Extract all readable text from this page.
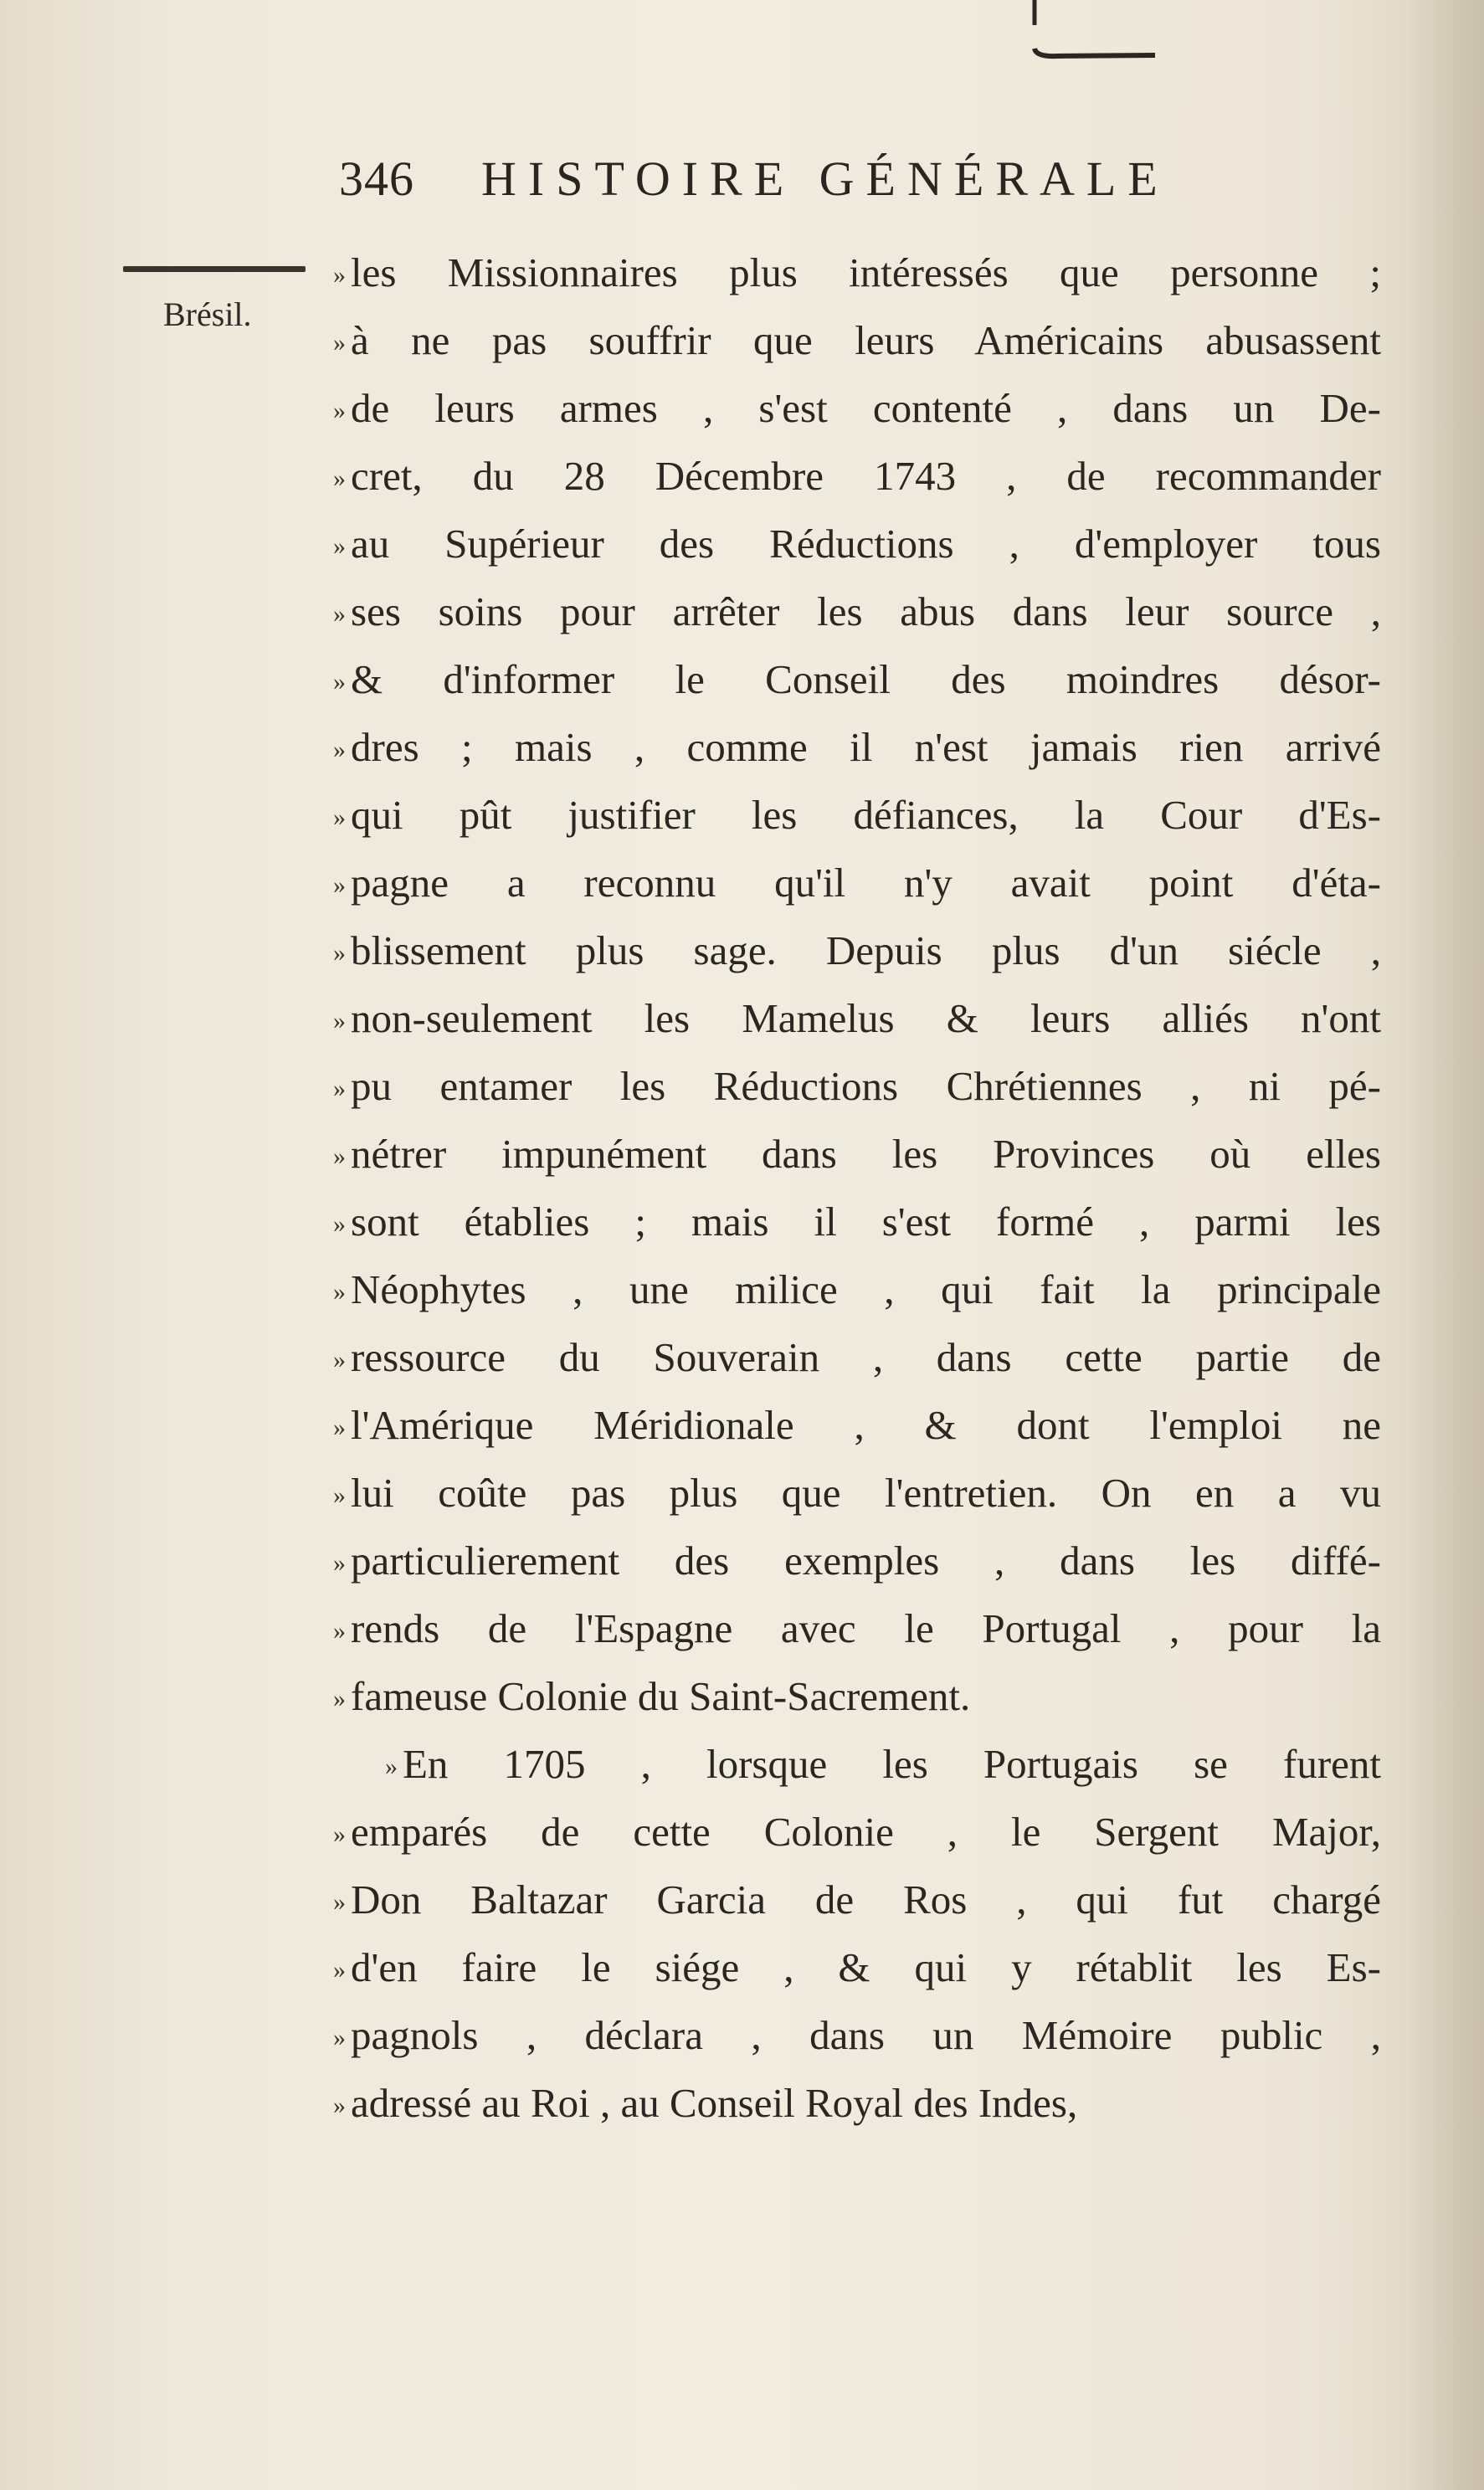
346 HISTOIRE GÉNÉRALE
Brésil.
» les Missionnaires plus intéressés que personne ;
» à ne pas souffrir que leurs Américains abusassent
» de leurs armes , s'est contenté , dans un De-
» cret, du 28 Décembre 1743 , de recommander
» au Supérieur des Réductions , d'employer tous
» ses soins pour arrêter les abus dans leur source ,
» & d'informer le Conseil des moindres désor-
» dres ; mais , comme il n'est jamais rien arrivé
» qui pût justifier les défiances, la Cour d'Es-
» pagne a reconnu qu'il n'y avait point d'éta-
» blissement plus sage. Depuis plus d'un siécle ,
» non-seulement les Mamelus & leurs alliés n'ont
» pu entamer les Réductions Chrétiennes , ni pé-
» nétrer impunément dans les Provinces où elles
» sont établies ; mais il s'est formé , parmi les
» Néophytes , une milice , qui fait la principale
» ressource du Souverain , dans cette partie de
» l'Amérique Méridionale , & dont l'emploi ne
» lui coûte pas plus que l'entretien. On en a vu
» particulierement des exemples , dans les diffé-
» rends de l'Espagne avec le Portugal , pour la
» fameuse Colonie du Saint-Sacrement.
» En 1705 , lorsque les Portugais se furent
» emparés de cette Colonie , le Sergent Major,
» Don Baltazar Garcia de Ros , qui fut chargé
» d'en faire le siége , & qui y rétablit les Es-
» pagnols , déclara , dans un Mémoire public ,
» adressé au Roi , au Conseil Royal des Indes,
